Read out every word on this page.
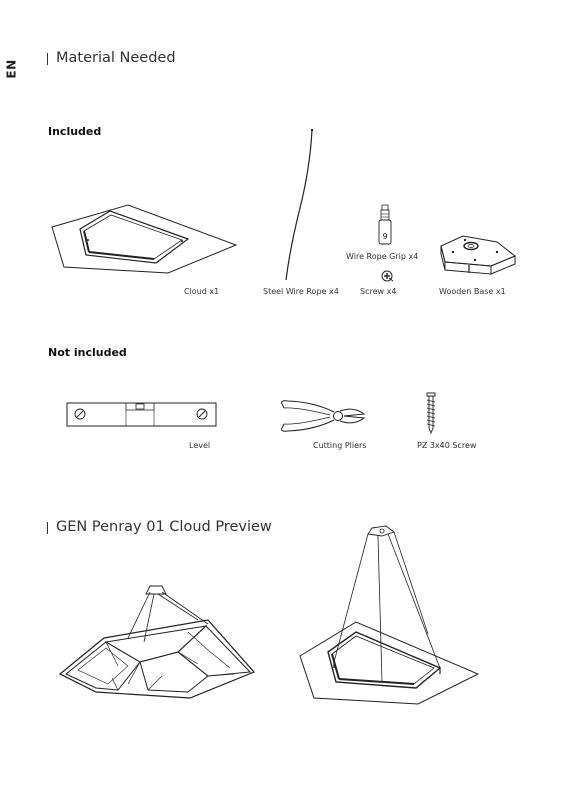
EN
Material Needed
Included
Cloud x1	Steel Wire Rope x4
9
Wire Rope Grip x4
Screw x4	Wooden Base x1
Not included
Level	Cutting Pliers	PZ 3x40 Screw
GEN Penray 01 Cloud Preview
